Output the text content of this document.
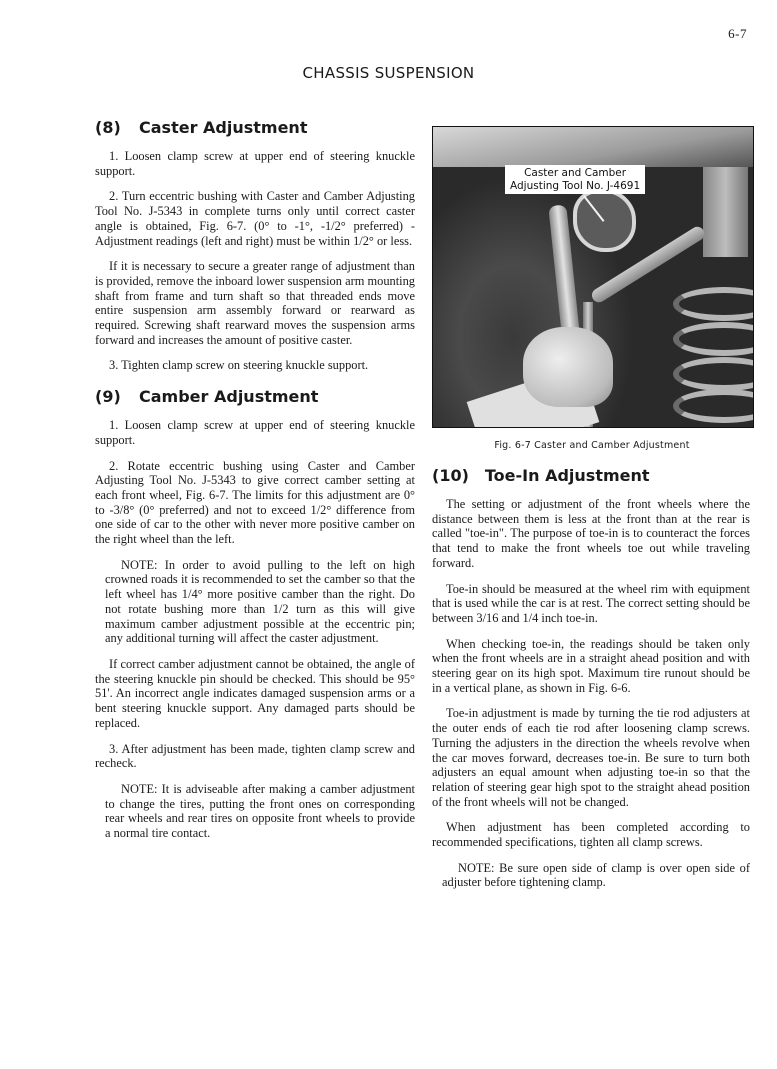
6-7
CHASSIS SUSPENSION
(8) Caster Adjustment

1. Loosen clamp screw at upper end of steering knuckle support.

2. Turn eccentric bushing with Caster and Camber Adjusting Tool No. J-5343 in complete turns only until correct caster angle is obtained, Fig. 6-7. (0° to -1°, -1/2° preferred) - Adjustment readings (left and right) must be within 1/2° or less.

If it is necessary to secure a greater range of adjustment than is provided, remove the inboard lower suspension arm mounting shaft from frame and turn shaft so that threaded ends move entire suspension arm assembly forward or rearward as required. Screwing shaft rearward moves the suspension arms forward and increases the amount of positive caster.

3. Tighten clamp screw on steering knuckle support.

(9) Camber Adjustment

1. Loosen clamp screw at upper end of steering knuckle support.

2. Rotate eccentric bushing using Caster and Camber Adjusting Tool No. J-5343 to give correct camber setting at each front wheel, Fig. 6-7. The limits for this adjustment are 0° to -3/8° (0° preferred) and not to exceed 1/2° difference from one side of car to the other with never more positive camber on the right wheel than the left.

NOTE: In order to avoid pulling to the left on high crowned roads it is recommended to set the camber so that the left wheel has 1/4° more positive camber than the right. Do not rotate bushing more than 1/2 turn as this will give maximum camber adjustment possible at the eccentric pin; any additional turning will affect the caster adjustment.

If correct camber adjustment cannot be obtained, the angle of the steering knuckle pin should be checked. This should be 95° 51'. An incorrect angle indicates damaged suspension arms or a bent steering knuckle support. Any damaged parts should be replaced.

3. After adjustment has been made, tighten clamp screw and recheck.

NOTE: It is adviseable after making a camber adjustment to change the tires, putting the front ones on corresponding rear wheels and rear tires on opposite front wheels to provide a normal tire contact.

Caster and Camber
Adjusting Tool No. J-4691
Fig. 6-7 Caster and Camber Adjustment
(10) Toe-In Adjustment

The setting or adjustment of the front wheels where the distance between them is less at the front than at the rear is called "toe-in". The purpose of toe-in is to counteract the forces that tend to make the front wheels toe out while traveling forward.

Toe-in should be measured at the wheel rim with equipment that is used while the car is at rest. The correct setting should be between 3/16 and 1/4 inch toe-in.

When checking toe-in, the readings should be taken only when the front wheels are in a straight ahead position and with steering gear on its high spot. Maximum tire runout should be in a vertical plane, as shown in Fig. 6-6.

Toe-in adjustment is made by turning the tie rod adjusters at the outer ends of each tie rod after loosening clamp screws. Turning the adjusters in the direction the wheels revolve when the car moves forward, decreases toe-in. Be sure to turn both adjusters an equal amount when adjusting toe-in so that the relation of steering gear high spot to the straight ahead position of the front wheels will not be changed.

When adjustment has been completed according to recommended specifications, tighten all clamp screws.

NOTE: Be sure open side of clamp is over open side of adjuster before tightening clamp.
